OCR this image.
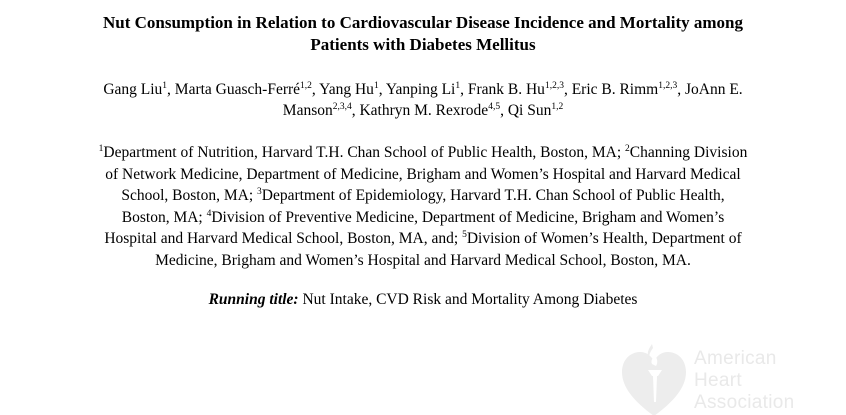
Nut Consumption in Relation to Cardiovascular Disease Incidence and Mortality among
Patients with Diabetes Mellitus
Gang Liu$^1$, Marta Guasch-Ferré$^{1,2}$, Yang Hu$^1$, Yanping Li$^1$, Frank B. Hu$^{1,2,3}$, Eric B. Rimm$^{1,2,3}$, JoAnn E.
Manson$^{2,3,4}$, Kathryn M. Rexrode$^{4,5}$, Qi Sun$^{1,2}$
$^1$Department of Nutrition, Harvard T.H. Chan School of Public Health, Boston, MA; $^2$Channing Division
of Network Medicine, Department of Medicine, Brigham and Women’s Hospital and Harvard Medical
School, Boston, MA; $^3$Department of Epidemiology, Harvard T.H. Chan School of Public Health,
Boston, MA; $^4$Division of Preventive Medicine, Department of Medicine, Brigham and Women’s
Hospital and Harvard Medical School, Boston, MA, and; $^5$Division of Women’s Health, Department of
Medicine, Brigham and Women’s Hospital and Harvard Medical School, Boston, MA.
Running title: Nut Intake, CVD Risk and Mortality Among Diabetes
American
Heart
Association
